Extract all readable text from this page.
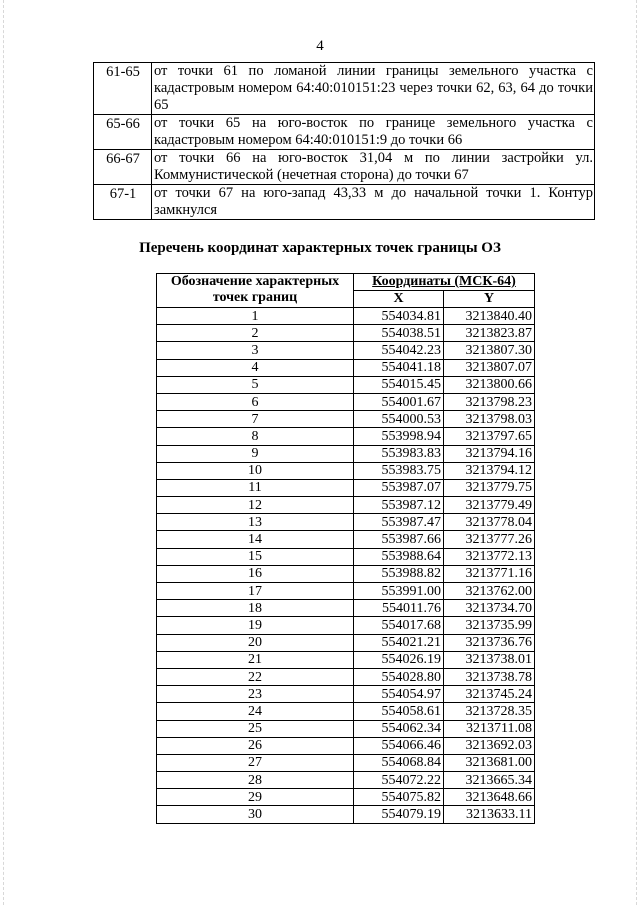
4
61-65	от точки 61 по ломаной линии границы земельного участка с кадастровым номером 64:40:010151:23 через точки 62, 63, 64 до точки 65
65-66	от точки 65 на юго-восток по границе земельного участка с кадастровым номером 64:40:010151:9 до точки 66
66-67	от точки 66 на юго-восток 31,04 м по линии застройки ул. Коммунистической (нечетная сторона) до точки 67
67-1	от точки 67 на юго-запад 43,33 м до начальной точки 1. Контур замкнулся
Перечень координат характерных точек границы ОЗ
Обозначение характерных точек границ	Координаты (МСК-64)	
	X	Y
1	554034.81	3213840.40
2	554038.51	3213823.87
3	554042.23	3213807.30
4	554041.18	3213807.07
5	554015.45	3213800.66
6	554001.67	3213798.23
7	554000.53	3213798.03
8	553998.94	3213797.65
9	553983.83	3213794.16
10	553983.75	3213794.12
11	553987.07	3213779.75
12	553987.12	3213779.49
13	553987.47	3213778.04
14	553987.66	3213777.26
15	553988.64	3213772.13
16	553988.82	3213771.16
17	553991.00	3213762.00
18	554011.76	3213734.70
19	554017.68	3213735.99
20	554021.21	3213736.76
21	554026.19	3213738.01
22	554028.80	3213738.78
23	554054.97	3213745.24
24	554058.61	3213728.35
25	554062.34	3213711.08
26	554066.46	3213692.03
27	554068.84	3213681.00
28	554072.22	3213665.34
29	554075.82	3213648.66
30	554079.19	3213633.11
